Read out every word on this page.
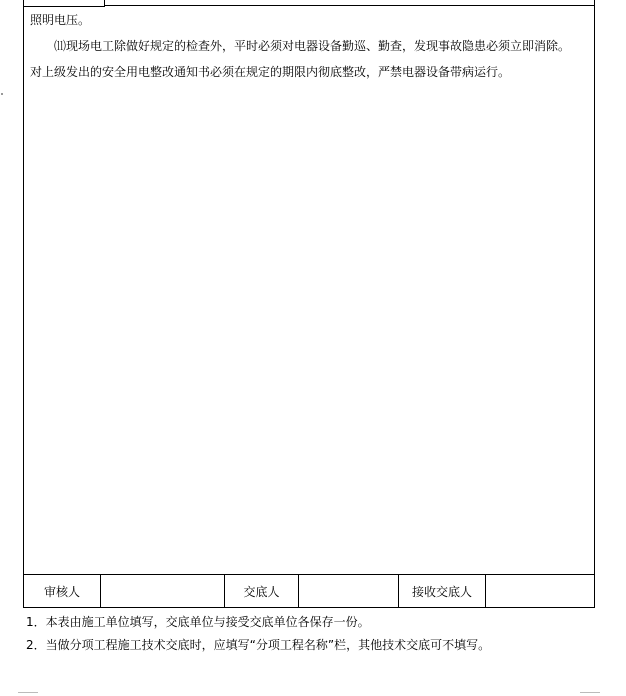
照明电压。

⑾现场电工除做好规定的检查外，平时必须对电器设备勤巡、勤查，发现事故隐患必须立即消除。

对上级发出的安全用电整改通知书必须在规定的期限内彻底整改，严禁电器设备带病运行。

审核人	交底人	接收交底人

1．本表由施工单位填写，交底单位与接受交底单位各保存一份。

2．当做分项工程施工技术交底时，应填写“分项工程名称”栏，其他技术交底可不填写。
